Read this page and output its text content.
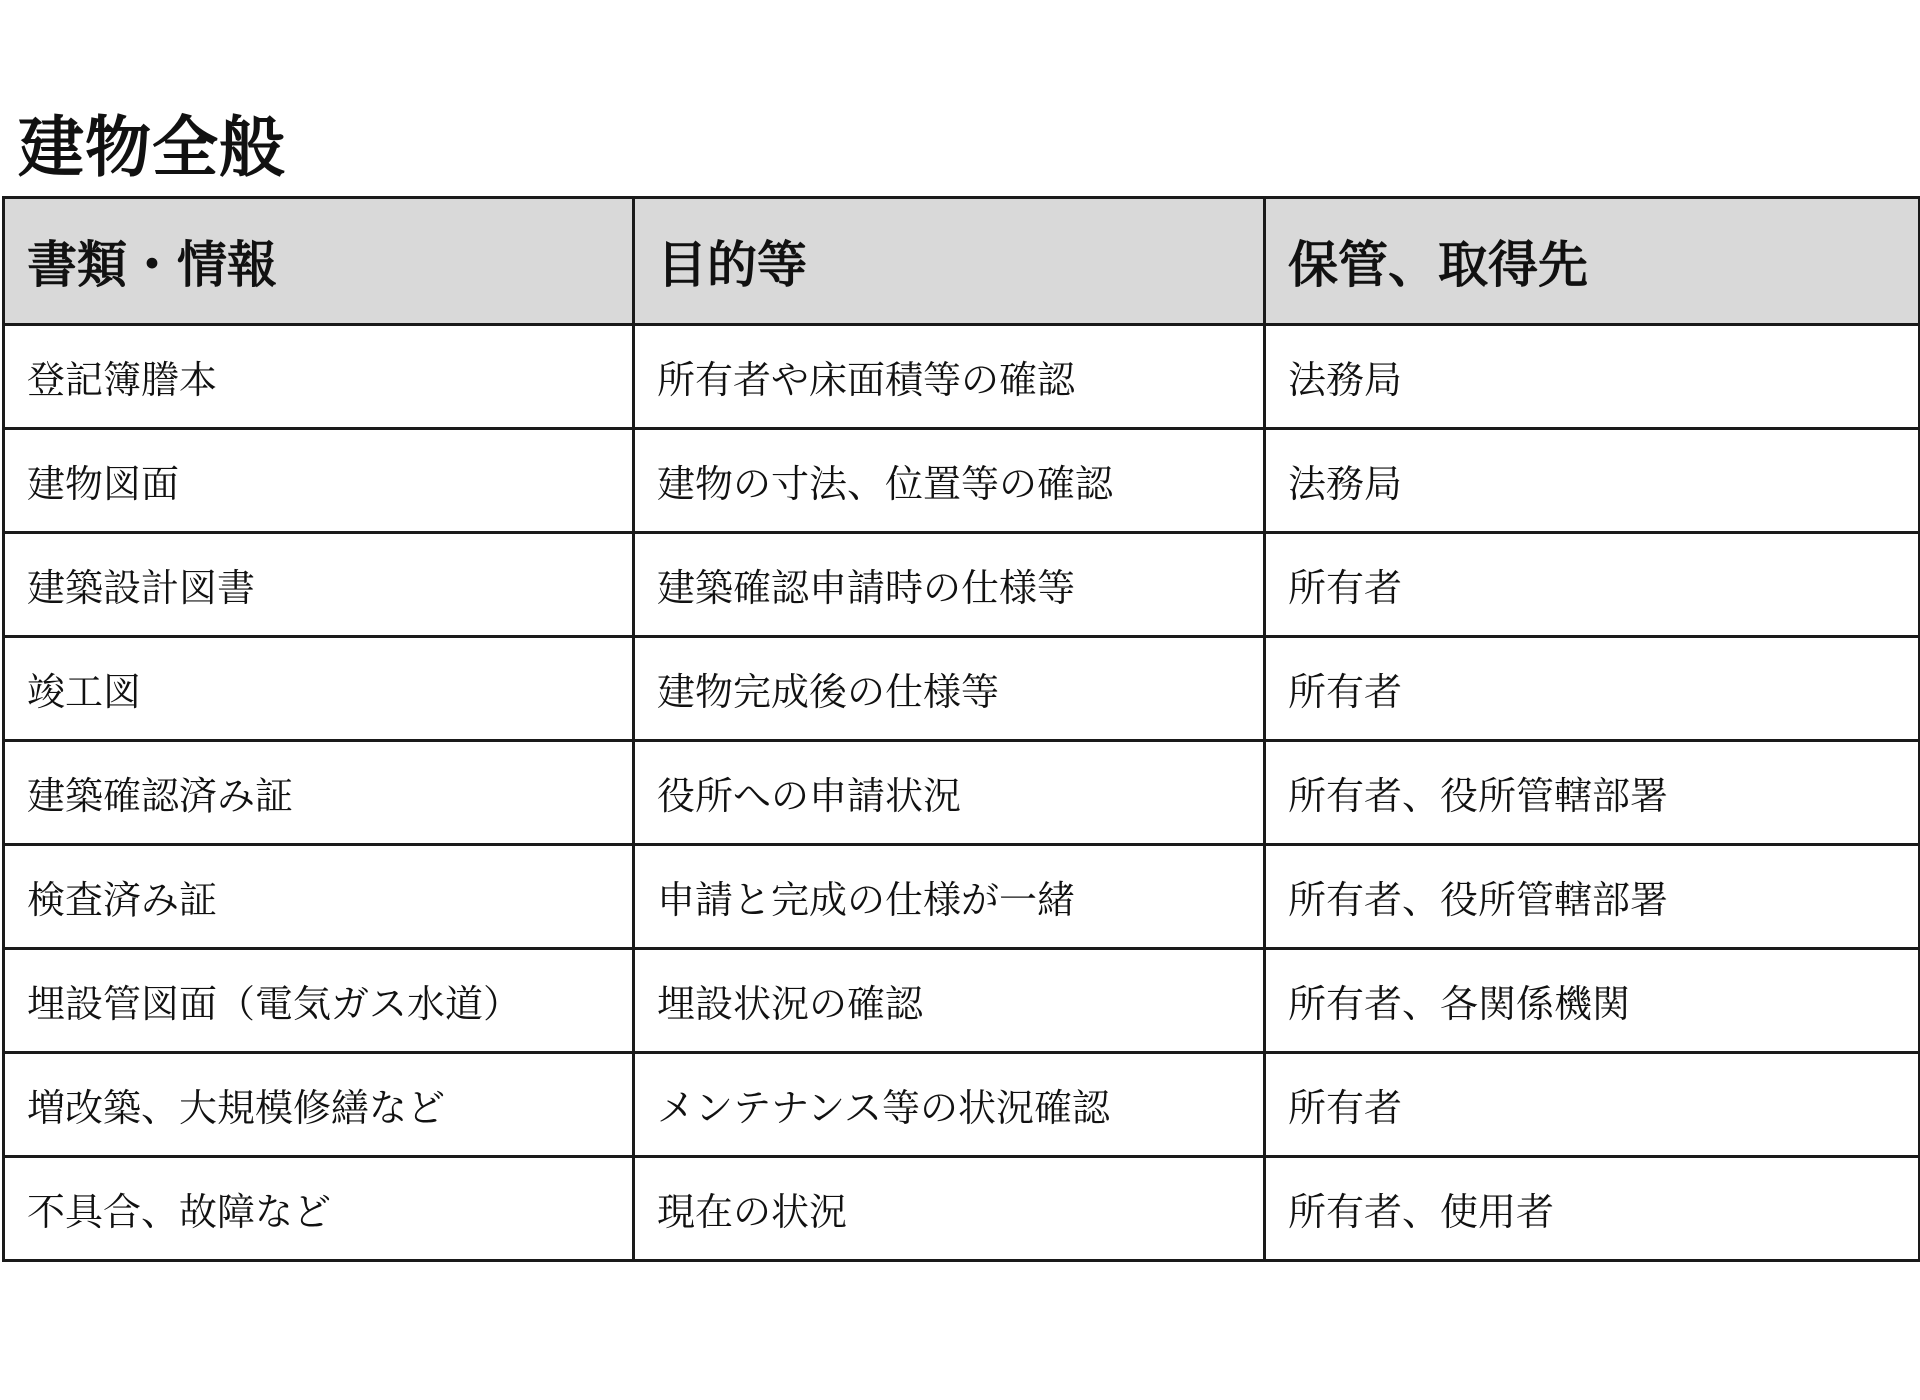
建物全般
書類・情報	目的等	保管、取得先
登記簿謄本	所有者や床面積等の確認	法務局
建物図面	建物の寸法、位置等の確認	法務局
建築設計図書	建築確認申請時の仕様等	所有者
竣工図	建物完成後の仕様等	所有者
建築確認済み証	役所への申請状況	所有者、役所管轄部署
検査済み証	申請と完成の仕様が一緒	所有者、役所管轄部署
埋設管図面（電気ガス水道）	埋設状況の確認	所有者、各関係機関
増改築、大規模修繕など	メンテナンス等の状況確認	所有者
不具合、故障など	現在の状況	所有者、使用者
